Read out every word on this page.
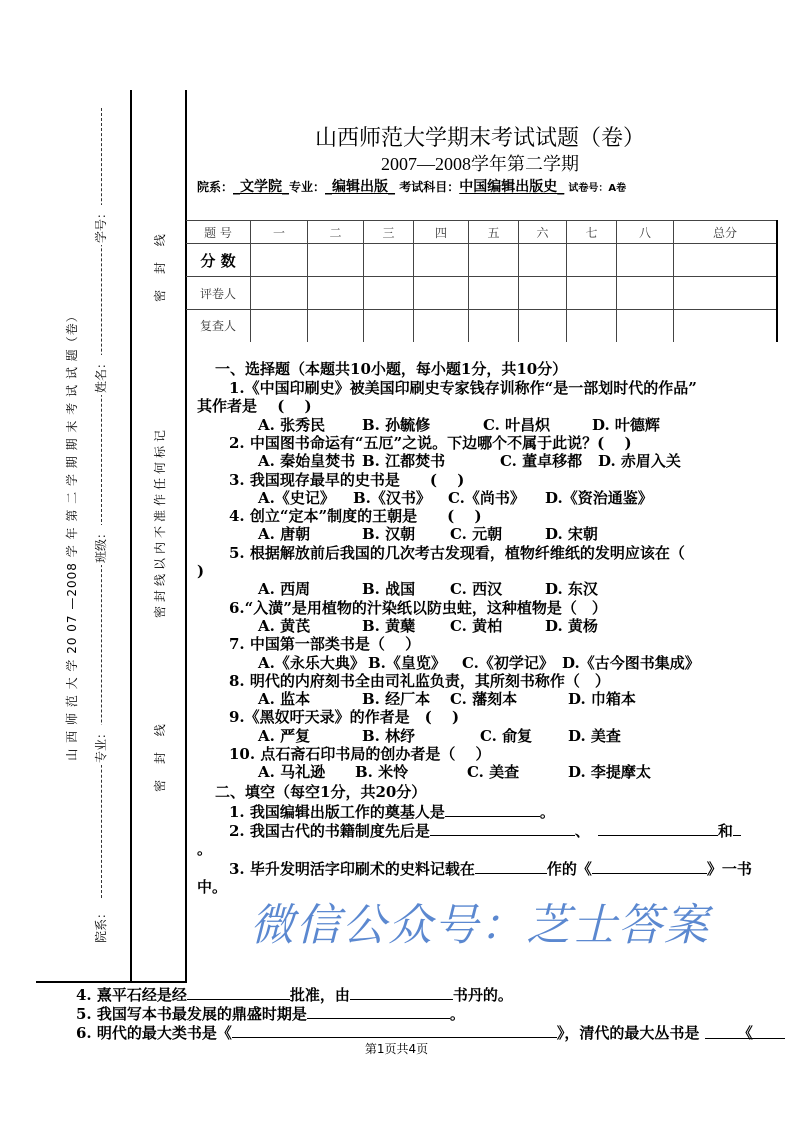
山 西 师 范 大 学 20 07 —2008 学 年 第 二 学 期 期 末 考 试 试 题（卷）
院系：
专业：
班级：
姓名：
学号：
密 封 线
密封线以内不准作任何标记
密 封 线
山西师范大学期末考试试题（卷）
2007—2008学年第二学期
院系：_文学院_专业：_编辑出版_ 考试科目：中国编辑出版史_ 试卷号：A卷
题 号	一	二	三	四	五	六	七	八	总分
分 数									
评卷人									
复查人									
一、选择题（本题共10小题，每小题1分，共10分）
1.《中国印刷史》被美国印刷史专家钱存训称作“是一部划时代的作品”
其作者是　 (　 )
A. 张秀民 B. 孙毓修	C. 叶昌炽	D. 叶德辉
2. 中国图书命运有“五厄”之说。下边哪个不属于此说？(　 )
A. 秦始皇焚书 B. 江都焚书	C. 董卓移都 D. 赤眉入关
3. 我国现存最早的史书是　　(　 )
A.《史记》 B.《汉书》 C.《尚书》 D.《资治通鉴》
4. 创立“定本”制度的王朝是　　(　 )
A. 唐朝	B. 汉朝 C. 元朝	D. 宋朝
5. 根据解放前后我国的几次考古发现看，植物纤维纸的发明应该在（
)
A. 西周	B. 战国 C. 西汉	D. 东汉
6.“入潢”是用植物的汁染纸以防虫蛀，这种植物是（　）
A. 黄芪	B. 黄蘖 C. 黄柏	D. 黄杨
7. 中国第一部类书是（　 ）
A.《永乐大典》 B.《皇览》 C.《初学记》 D.《古今图书集成》
8. 明代的内府刻书全由司礼监负责，其所刻书称作（　）
A. 监本	B. 经厂本 C. 藩刻本	D. 巾箱本
9.《黑奴吁天录》的作者是　(　 )
A. 严复	B. 林纾	C. 俞复 D. 美查
10. 点石斋石印书局的创办者是（　 ）
A. 马礼逊 B. 米怜	C. 美查	D. 李提摩太
二、填空（每空1分，共20分）
1. 我国编辑出版工作的奠基人是	。
2. 我国古代的书籍制度先后是	、	和
。
3. 毕升发明活字印刷术的史料记载在	作的《	》一书
中。
微信公众号：芝士答案
4. 熹平石经是经	批准，由	书丹的。
5. 我国写本书最发展的鼎盛时期是	。
6. 明代的最大类书是《	》，清代的最大丛书是	《
第1页共4页
